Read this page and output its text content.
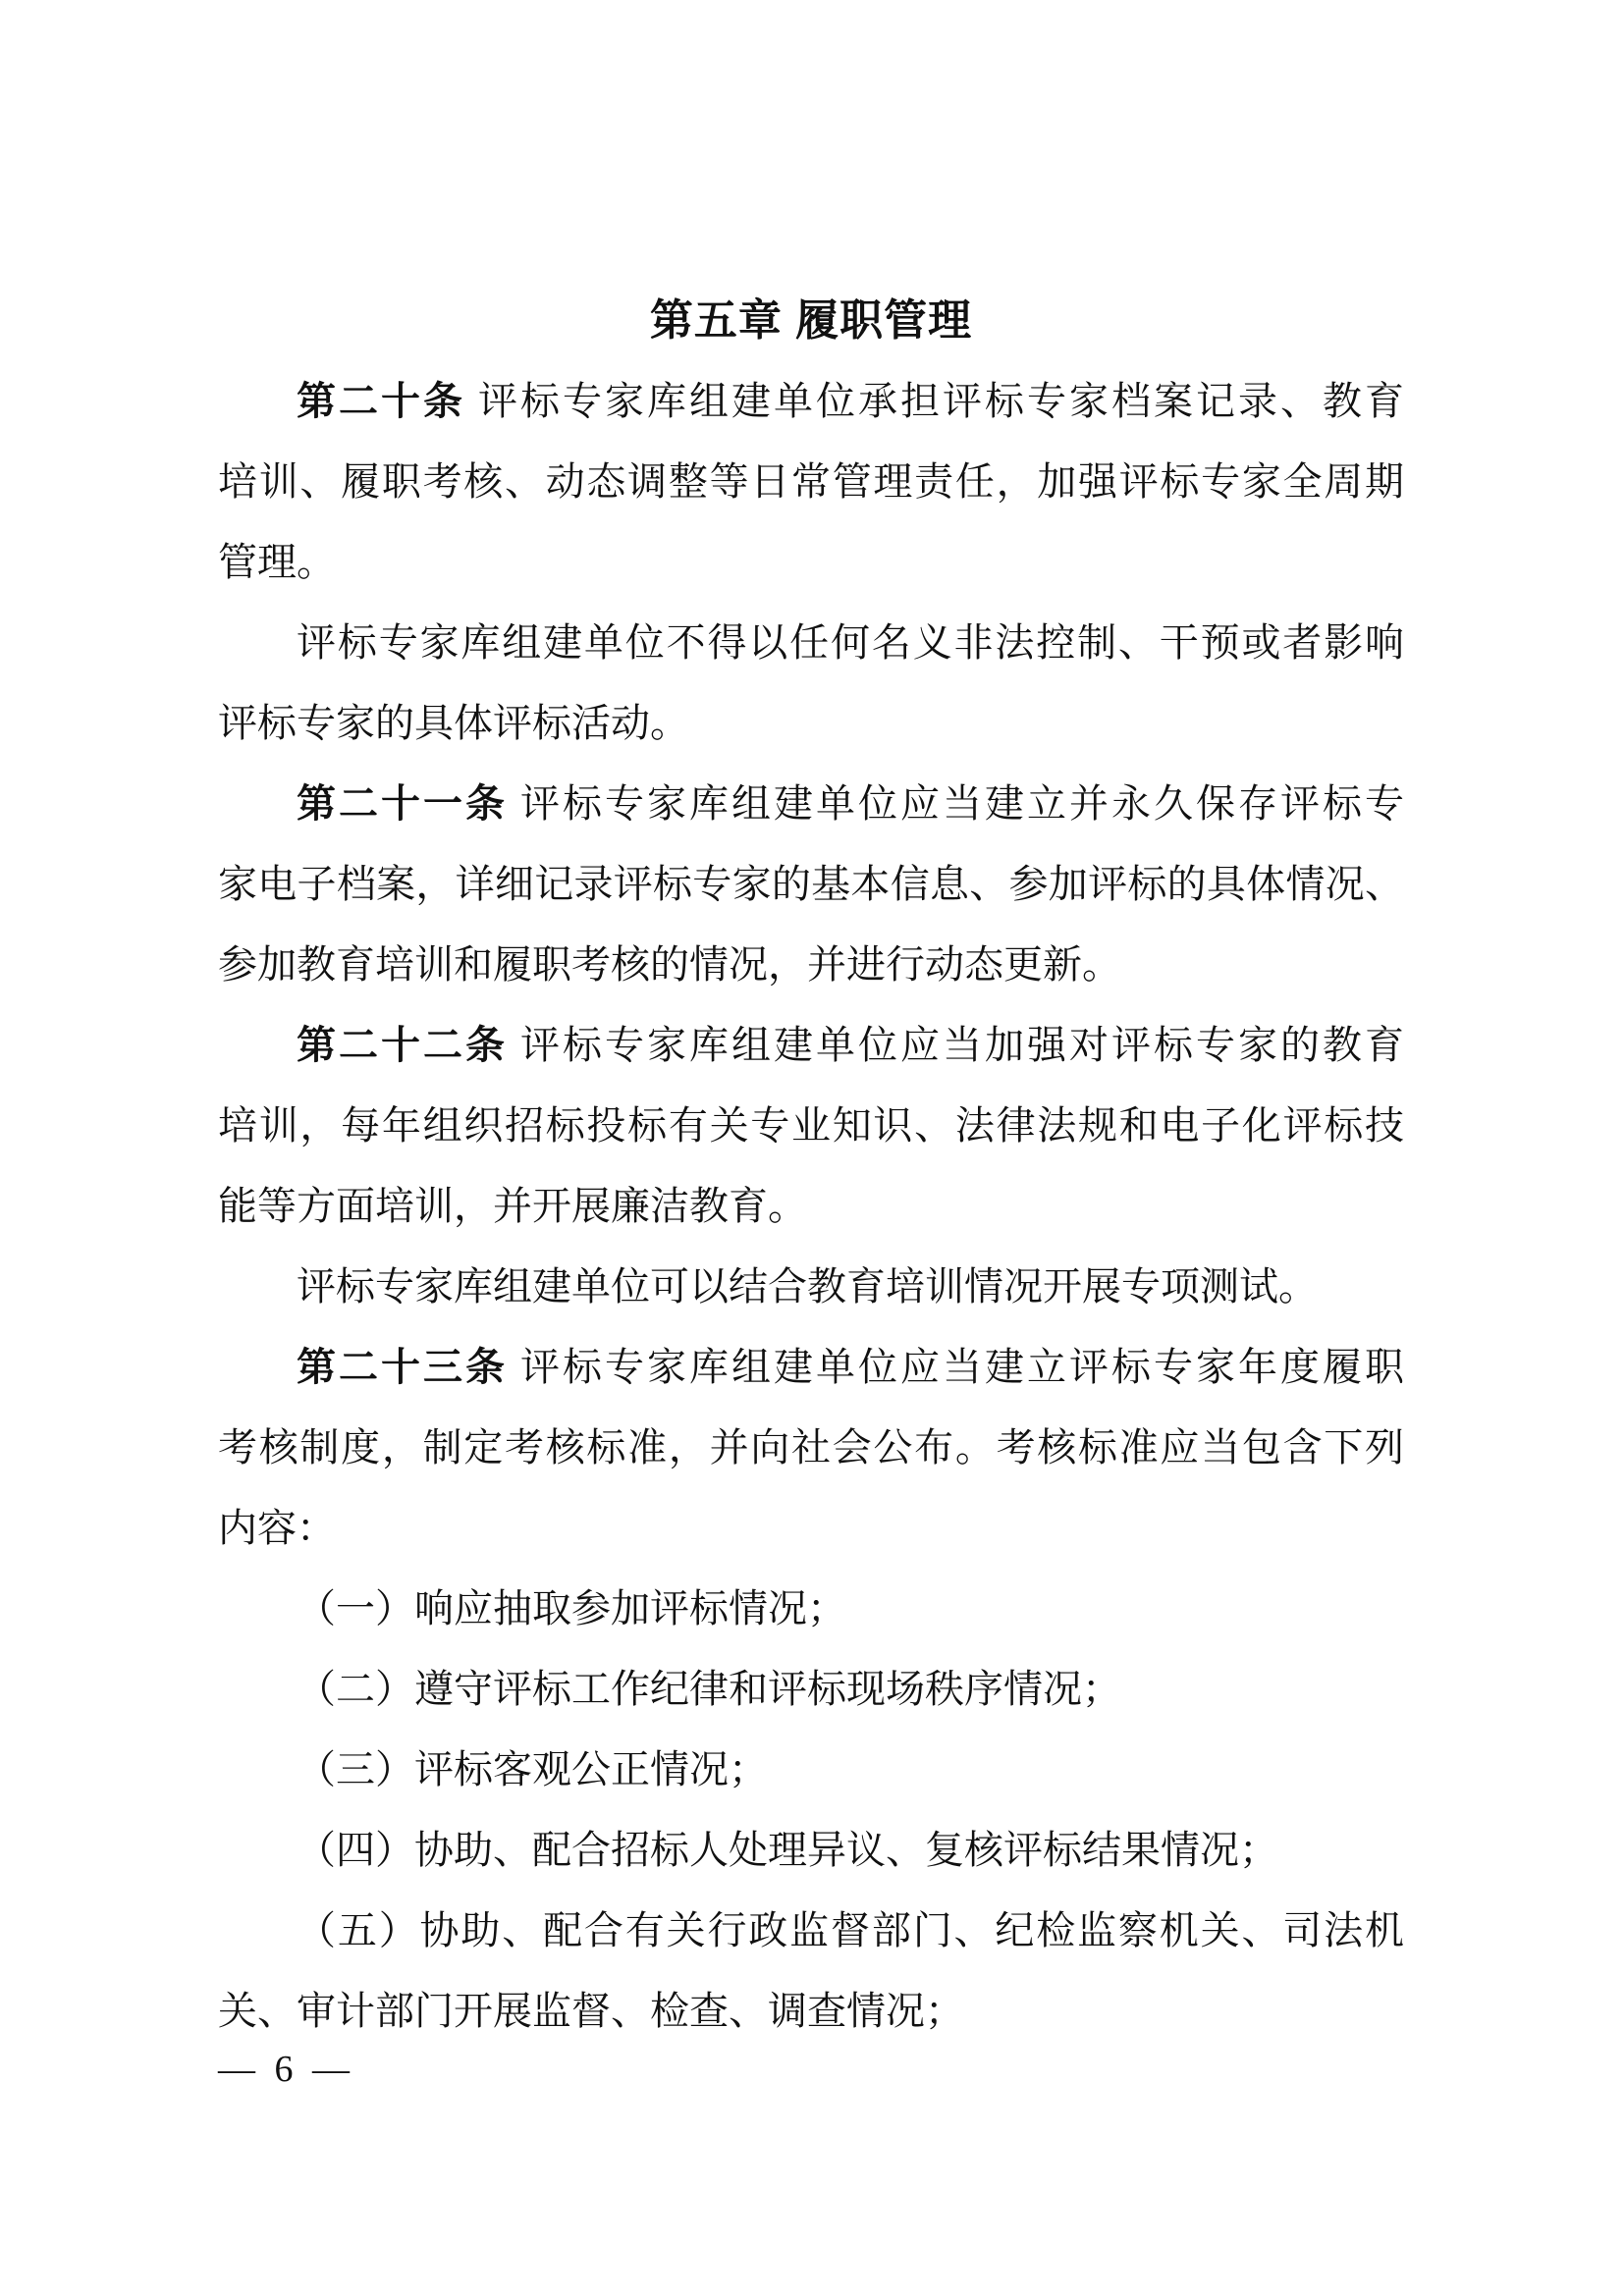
第五章 履职管理
第二十条 评标专家库组建单位承担评标专家档案记录、教育
培训、履职考核、动态调整等日常管理责任，加强评标专家全周期
管理。
评标专家库组建单位不得以任何名义非法控制、干预或者影响
评标专家的具体评标活动。
第二十一条 评标专家库组建单位应当建立并永久保存评标专
家电子档案，详细记录评标专家的基本信息、参加评标的具体情况、
参加教育培训和履职考核的情况，并进行动态更新。
第二十二条 评标专家库组建单位应当加强对评标专家的教育
培训，每年组织招标投标有关专业知识、法律法规和电子化评标技
能等方面培训，并开展廉洁教育。
评标专家库组建单位可以结合教育培训情况开展专项测试。
第二十三条 评标专家库组建单位应当建立评标专家年度履职
考核制度，制定考核标准，并向社会公布。考核标准应当包含下列
内容：
（一）响应抽取参加评标情况；
（二）遵守评标工作纪律和评标现场秩序情况；
（三）评标客观公正情况；
（四）协助、配合招标人处理异议、复核评标结果情况；
（五）协助、配合有关行政监督部门、纪检监察机关、司法机
关、审计部门开展监督、检查、调查情况；
— 6 —
